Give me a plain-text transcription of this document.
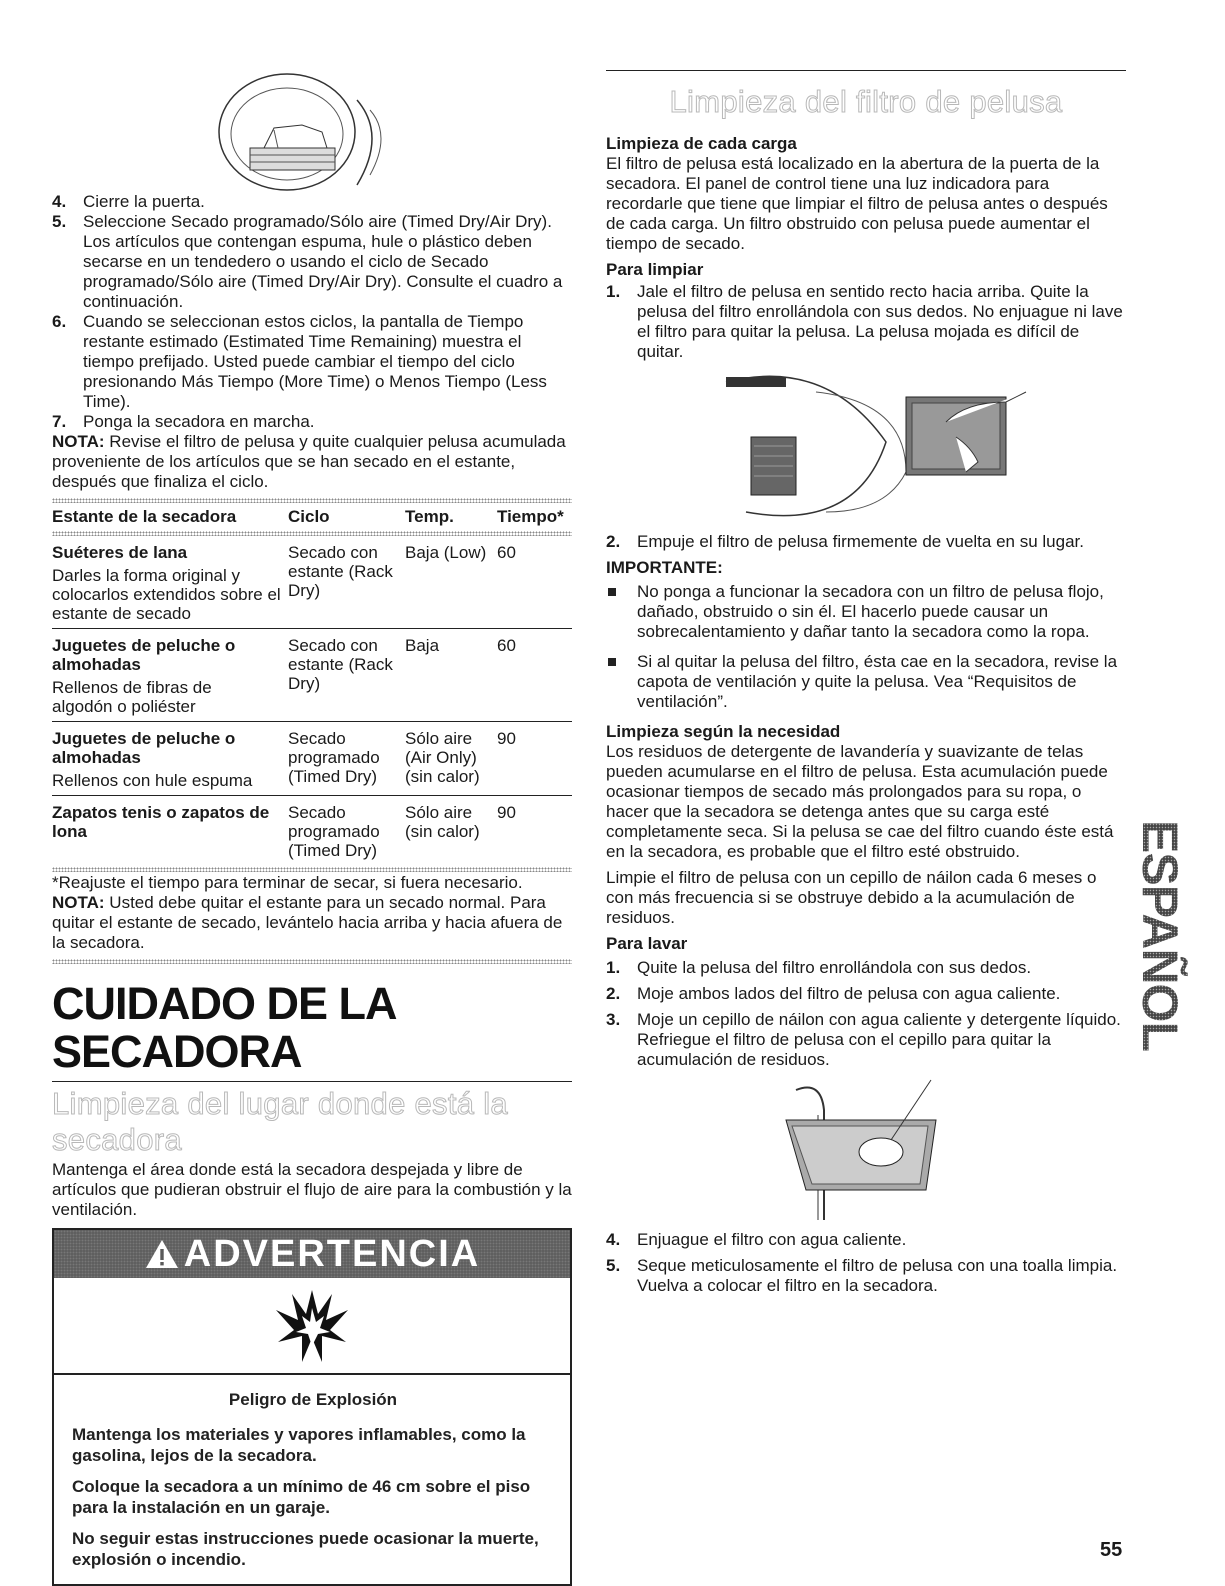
4. Cierre la puerta.
5. Seleccione Secado programado/Sólo aire (Timed Dry/Air Dry). Los artículos que contengan espuma, hule o plástico deben secarse en un tendedero o usando el ciclo de Secado programado/Sólo aire (Timed Dry/Air Dry). Consulte el cuadro a continuación.
6. Cuando se seleccionan estos ciclos, la pantalla de Tiempo restante estimado (Estimated Time Remaining) muestra el tiempo prefijado. Usted puede cambiar el tiempo del ciclo presionando Más Tiempo (More Time) o Menos Tiempo (Less Time).
7. Ponga la secadora en marcha.

NOTA: Revise el filtro de pelusa y quite cualquier pelusa acumulada proveniente de los artículos que se han secado en el estante, después que finaliza el ciclo.

Estante de la secadora	Ciclo	Temp.	Tiempo*

Suéteres de lana
Darles la forma original y colocarlos extendidos sobre el estante de secado	Secado con estante (Rack Dry)	Baja (Low)	60

Juguetes de peluche o almohadas
Rellenos de fibras de algodón o poliéster	Secado con estante (Rack Dry)	Baja	60

Juguetes de peluche o almohadas
Rellenos con hule espuma	Secado programado (Timed Dry)	Sólo aire (Air Only) (sin calor)	90

Zapatos tenis o zapatos de lona	Secado programado (Timed Dry)	Sólo aire (sin calor)	90

*Reajuste el tiempo para terminar de secar, si fuera necesario.

NOTA: Usted debe quitar el estante para un secado normal. Para quitar el estante de secado, levántelo hacia arriba y hacia afuera de la secadora.

CUIDADO DE LA SECADORA
Limpieza del lugar donde está la secadora

Mantenga el área donde está la secadora despejada y libre de artículos que pudieran obstruir el flujo de aire para la combustión y la ventilación.

ADVERTENCIA

Peligro de Explosión

Mantenga los materiales y vapores inflamables, como la gasolina, lejos de la secadora.

Coloque la secadora a un mínimo de 46 cm sobre el piso para la instalación en un garaje.

No seguir estas instrucciones puede ocasionar la muerte, explosión o incendio.

Limpieza del filtro de pelusa

Limpieza de cada carga

El filtro de pelusa está localizado en la abertura de la puerta de la secadora. El panel de control tiene una luz indicadora para recordarle que tiene que limpiar el filtro de pelusa antes o después de cada carga. Un filtro obstruido con pelusa puede aumentar el tiempo de secado.

Para limpiar

1. Jale el filtro de pelusa en sentido recto hacia arriba. Quite la pelusa del filtro enrollándola con sus dedos. No enjuague ni lave el filtro para quitar la pelusa. La pelusa mojada es difícil de quitar.
2. Empuje el filtro de pelusa firmemente de vuelta en su lugar.

IMPORTANTE:

No ponga a funcionar la secadora con un filtro de pelusa flojo, dañado, obstruido o sin él. El hacerlo puede causar un sobrecalentamiento y dañar tanto la secadora como la ropa.
Si al quitar la pelusa del filtro, ésta cae en la secadora, revise la capota de ventilación y quite la pelusa. Vea “Requisitos de ventilación”.

Limpieza según la necesidad

Los residuos de detergente de lavandería y suavizante de telas pueden acumularse en el filtro de pelusa. Esta acumulación puede ocasionar tiempos de secado más prolongados para su ropa, o hacer que la secadora se detenga antes que su carga esté completamente seca. Si la pelusa se cae del filtro cuando éste está en la secadora, es probable que el filtro esté obstruido.

Limpie el filtro de pelusa con un cepillo de náilon cada 6 meses o con más frecuencia si se obstruye debido a la acumulación de residuos.

Para lavar

1. Quite la pelusa del filtro enrollándola con sus dedos.
2. Moje ambos lados del filtro de pelusa con agua caliente.
3. Moje un cepillo de náilon con agua caliente y detergente líquido. Refriegue el filtro de pelusa con el cepillo para quitar la acumulación de residuos.
4. Enjuague el filtro con agua caliente.
5. Seque meticulosamente el filtro de pelusa con una toalla limpia. Vuelva a colocar el filtro en la secadora.
ESPAÑOL
55
